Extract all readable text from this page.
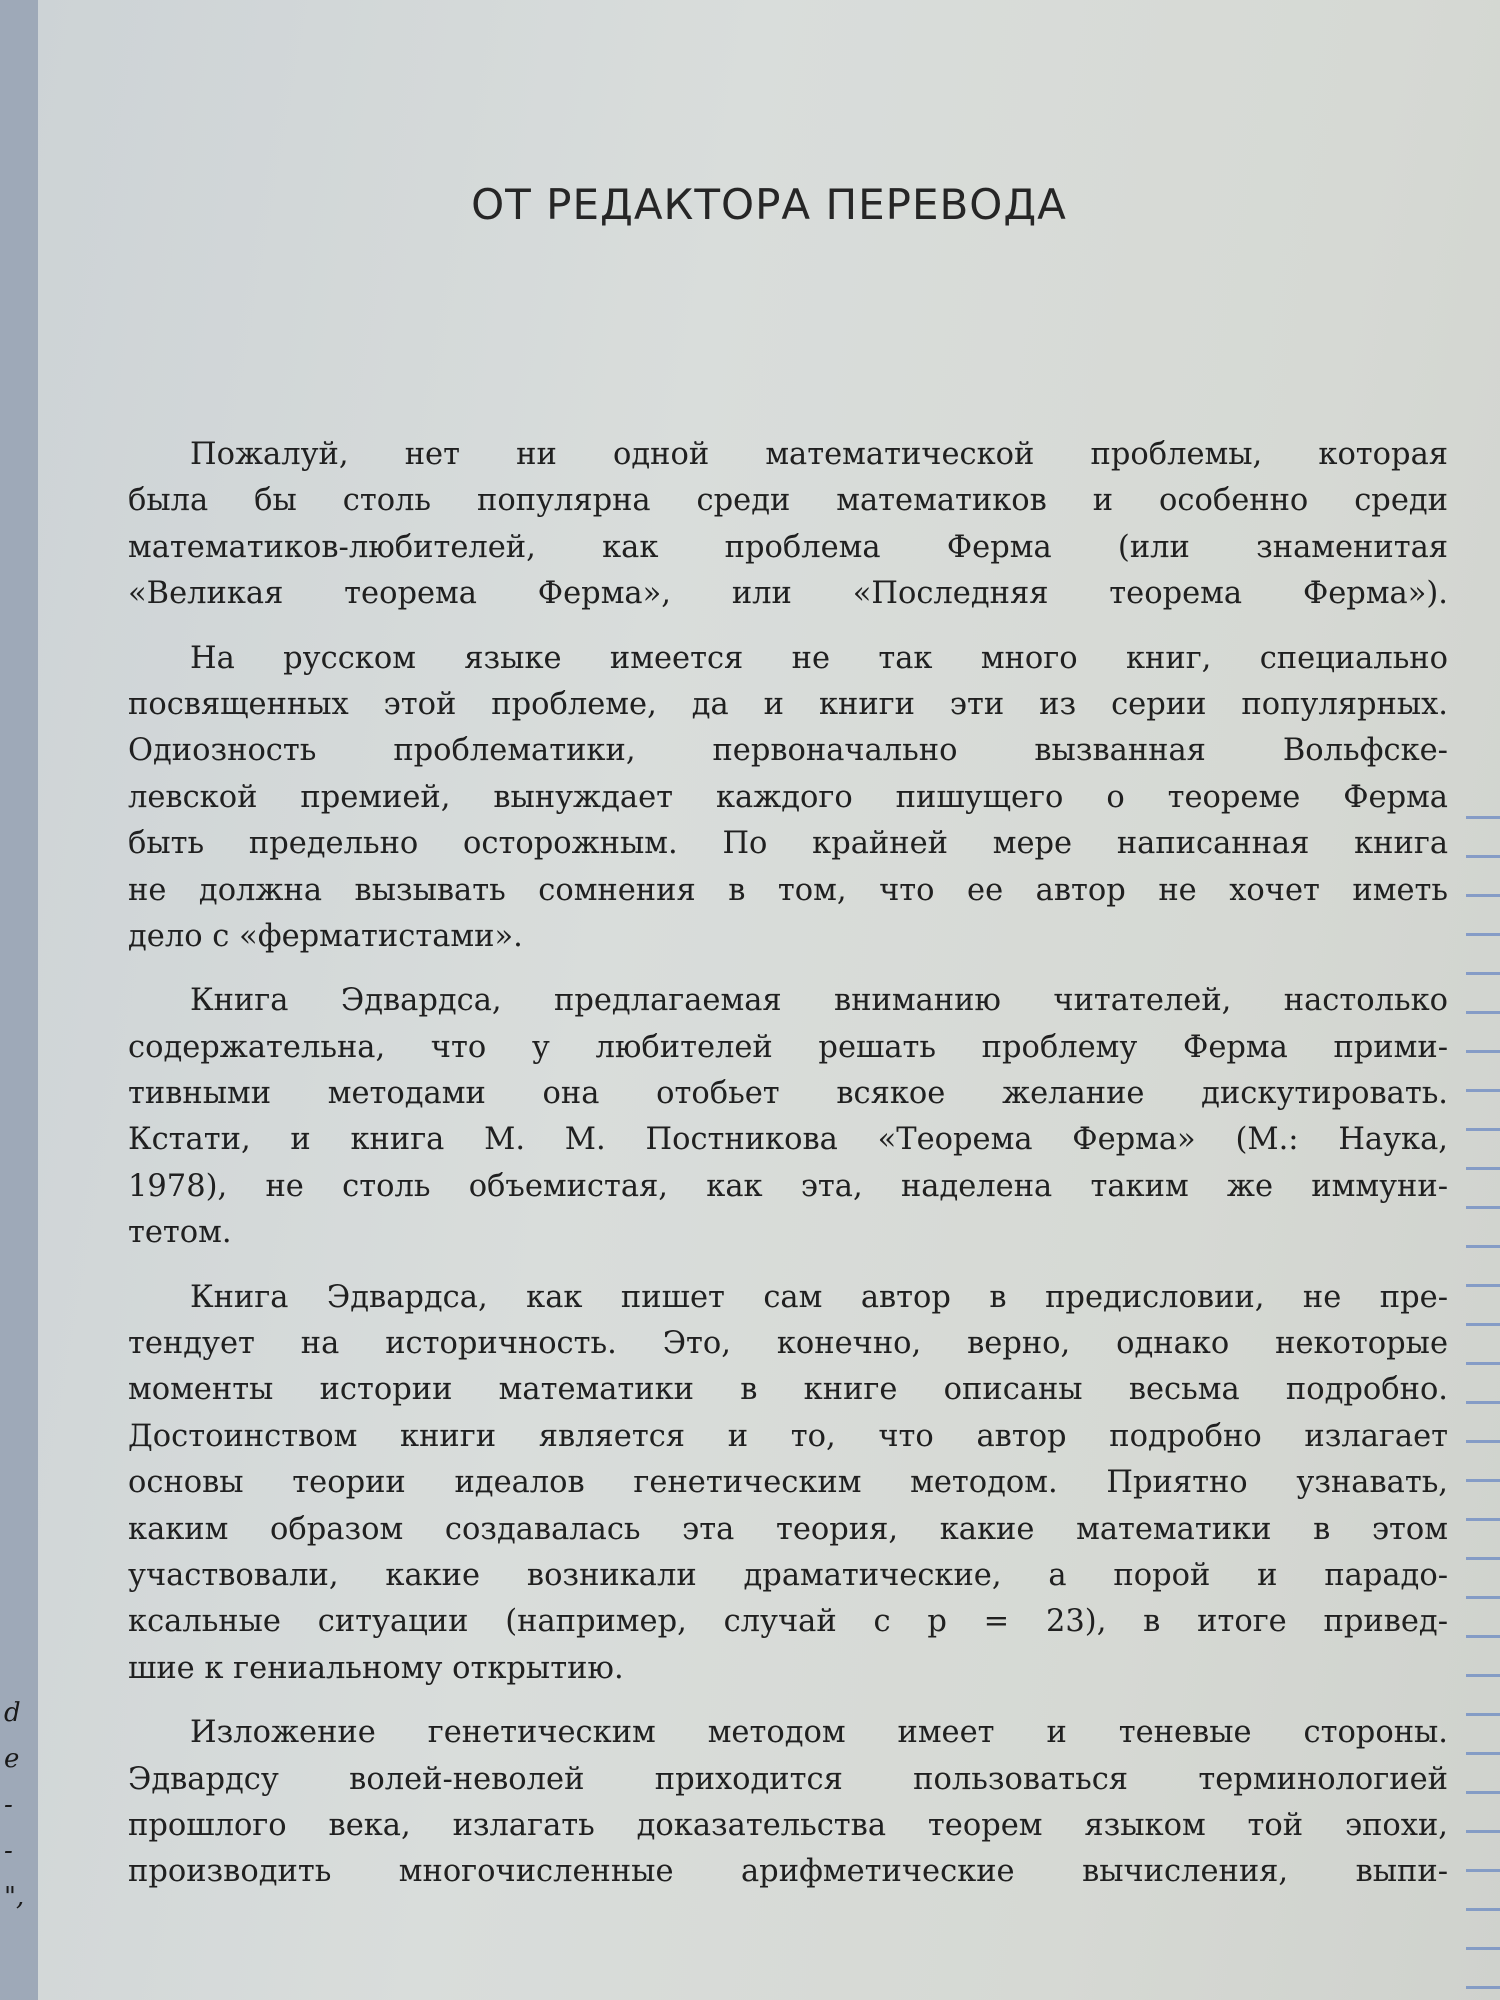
ОТ РЕДАКТОРА ПЕРЕВОДА
Пожалуй, нет ни одной математической проблемы, которая
была бы столь популярна среди математиков и особенно среди
математиков-любителей, как проблема Ферма (или знаменитая
«Великая теорема Ферма», или «Последняя теорема Ферма»).
На русском языке имеется не так много книг, специально
посвященных этой проблеме, да и книги эти из серии популярных.
Одиозность проблематики, первоначально вызванная Вольфске-
левской премией, вынуждает каждого пишущего о теореме Ферма
быть предельно осторожным. По крайней мере написанная книга
не должна вызывать сомнения в том, что ее автор не хочет иметь
дело с «ферматистами».
Книга Эдвардса, предлагаемая вниманию читателей, настолько
содержательна, что у любителей решать проблему Ферма прими-
тивными методами она отобьет всякое желание дискутировать.
Кстати, и книга М. М. Постникова «Теорема Ферма» (М.: Наука,
1978), не столь объемистая, как эта, наделена таким же иммуни-
тетом.
Книга Эдвардса, как пишет сам автор в предисловии, не пре-
тендует на историчность. Это, конечно, верно, однако некоторые
моменты истории математики в книге описаны весьма подробно.
Достоинством книги является и то, что автор подробно излагает
основы теории идеалов генетическим методом. Приятно узнавать,
каким образом создавалась эта теория, какие математики в этом
участвовали, какие возникали драматические, а порой и парадо-
ксальные ситуации (например, случай с p = 23), в итоге привед-
шие к гениальному открытию.
Изложение генетическим методом имеет и теневые стороны.
Эдвардсу волей-неволей приходится пользоваться терминологией
прошлого века, излагать доказательства теорем языком той эпохи,
производить многочисленные арифметические вычисления, выпи-
d
e
-
-
",
